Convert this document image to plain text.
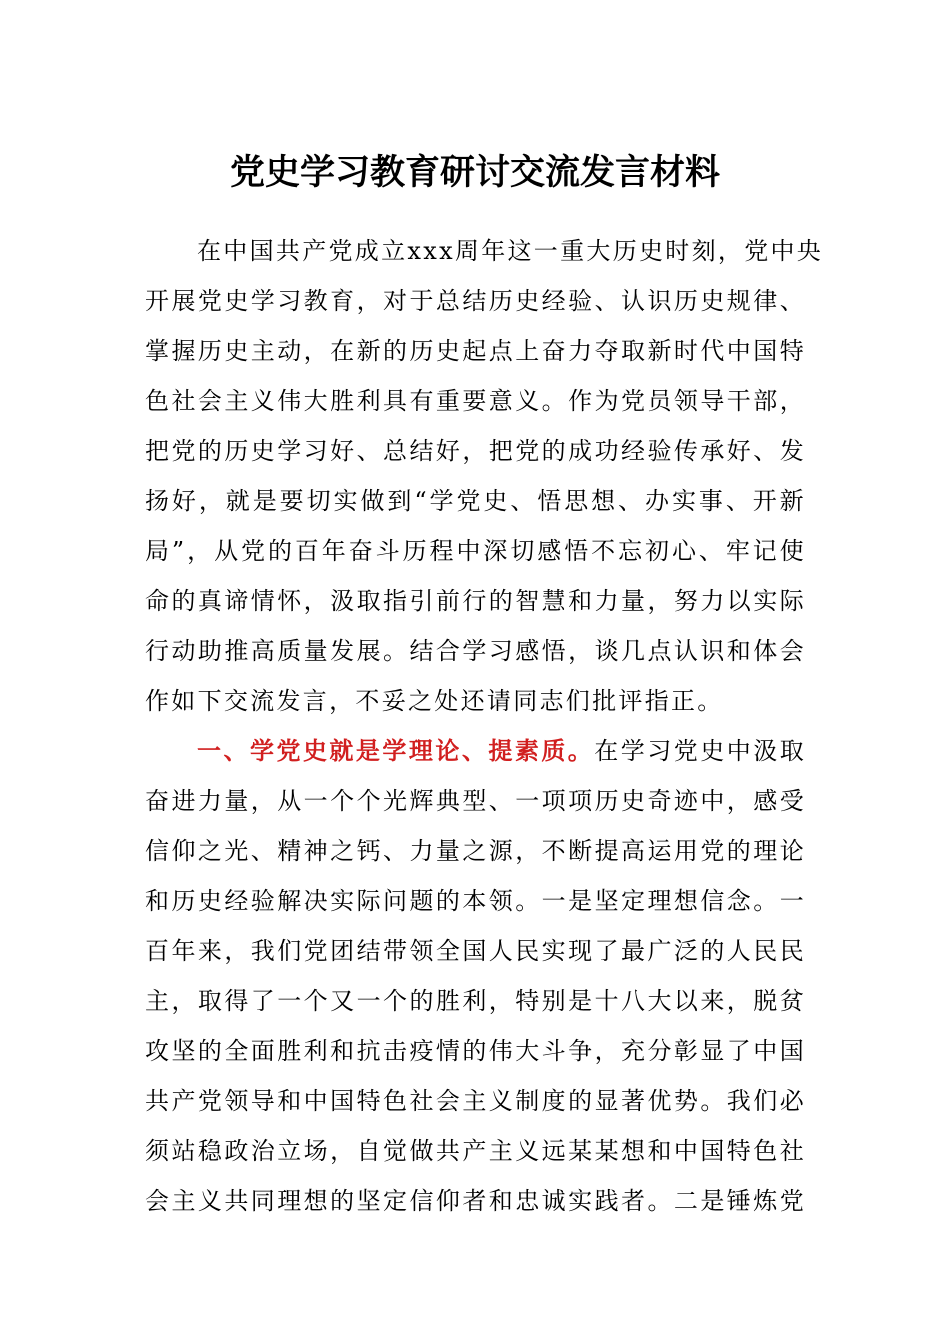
党史学习教育研讨交流发言材料
在中国共产党成立xxx周年这一重大历史时刻，党中央
开展党史学习教育，对于总结历史经验、认识历史规律、
掌握历史主动，在新的历史起点上奋力夺取新时代中国特
色社会主义伟大胜利具有重要意义。作为党员领导干部，
把党的历史学习好、总结好，把党的成功经验传承好、发
扬好，就是要切实做到“学党史、悟思想、办实事、开新
局”，从党的百年奋斗历程中深切感悟不忘初心、牢记使
命的真谛情怀，汲取指引前行的智慧和力量，努力以实际
行动助推高质量发展。结合学习感悟，谈几点认识和体会
作如下交流发言，不妥之处还请同志们批评指正。
一、学党史就是学理论、提素质。在学习党史中汲取
奋进力量，从一个个光辉典型、一项项历史奇迹中，感受
信仰之光、精神之钙、力量之源，不断提高运用党的理论
和历史经验解决实际问题的本领。一是坚定理想信念。一
百年来，我们党团结带领全国人民实现了最广泛的人民民
主，取得了一个又一个的胜利，特别是十八大以来，脱贫
攻坚的全面胜利和抗击疫情的伟大斗争，充分彰显了中国
共产党领导和中国特色社会主义制度的显著优势。我们必
须站稳政治立场，自觉做共产主义远某某想和中国特色社
会主义共同理想的坚定信仰者和忠诚实践者。二是锤炼党
